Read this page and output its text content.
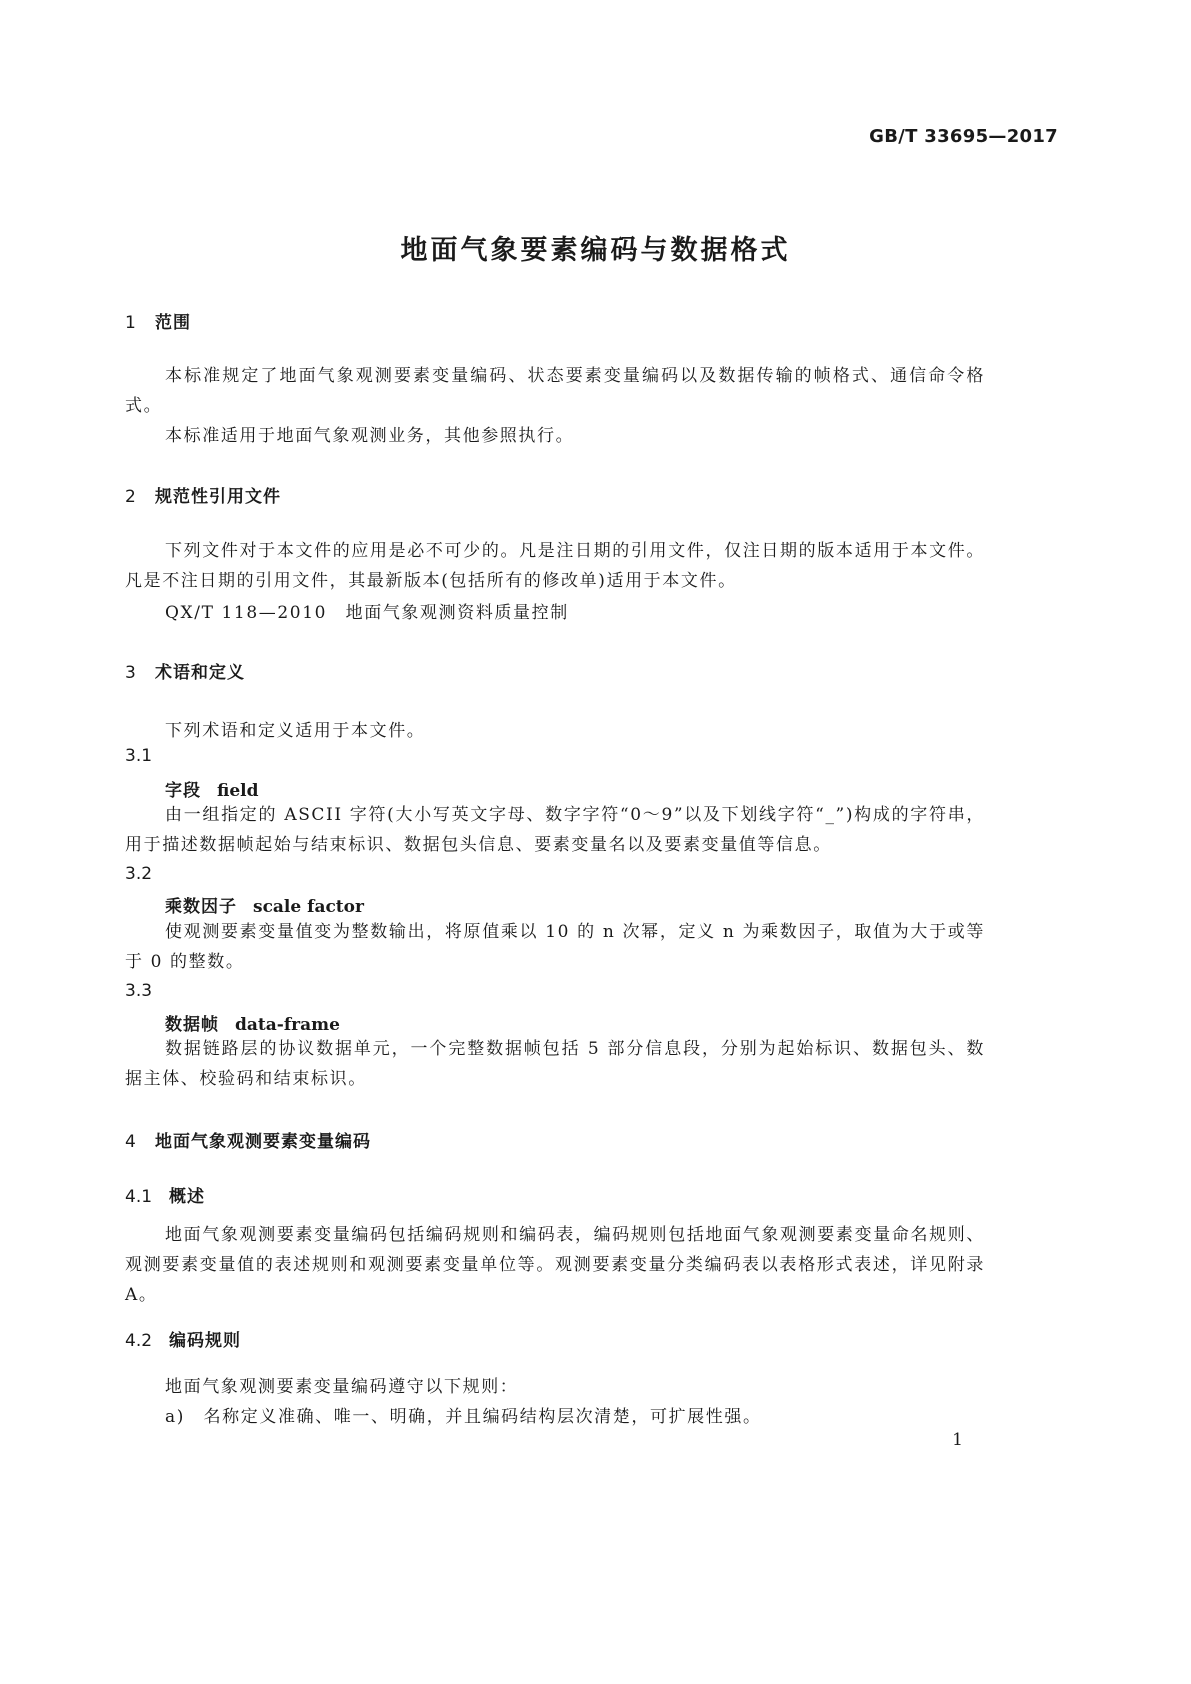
GB/T 33695—2017
地面气象要素编码与数据格式
1 范围
本标准规定了地面气象观测要素变量编码、状态要素变量编码以及数据传输的帧格式、通信命令格式。
本标准适用于地面气象观测业务，其他参照执行。
2 规范性引用文件
下列文件对于本文件的应用是必不可少的。凡是注日期的引用文件，仅注日期的版本适用于本文件。凡是不注日期的引用文件，其最新版本(包括所有的修改单)适用于本文件。
QX/T 118—2010　地面气象观测资料质量控制
3 术语和定义
下列术语和定义适用于本文件。
3.1
字段 field
由一组指定的 ASCII 字符(大小写英文字母、数字字符“0～9”以及下划线字符“_”)构成的字符串，用于描述数据帧起始与结束标识、数据包头信息、要素变量名以及要素变量值等信息。
3.2
乘数因子 scale factor
使观测要素变量值变为整数输出，将原值乘以 10 的 n 次幂，定义 n 为乘数因子，取值为大于或等于 0 的整数。
3.3
数据帧 data-frame
数据链路层的协议数据单元，一个完整数据帧包括 5 部分信息段，分别为起始标识、数据包头、数据主体、校验码和结束标识。
4 地面气象观测要素变量编码
4.1 概述
地面气象观测要素变量编码包括编码规则和编码表，编码规则包括地面气象观测要素变量命名规则、观测要素变量值的表述规则和观测要素变量单位等。观测要素变量分类编码表以表格形式表述，详见附录 A。
4.2 编码规则
地面气象观测要素变量编码遵守以下规则：
a)　名称定义准确、唯一、明确，并且编码结构层次清楚，可扩展性强。
1
